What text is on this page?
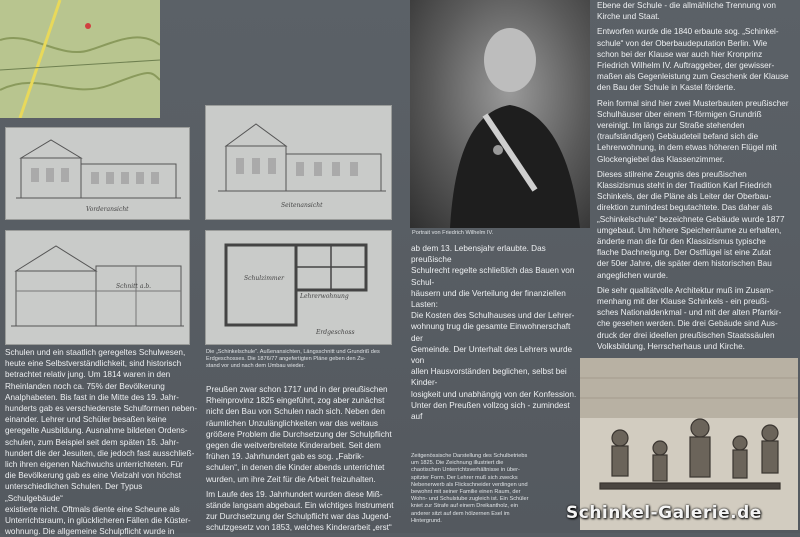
Vorderansicht
Seitenansicht
Schnitt a.b.
Schulzimmer
Lehrerwohnung
Erdgeschoss
Die „Schinkelschule“. Außenansichten, Längsschnitt und Grundriß des
Erdgeschosses. Die 1876/77 angefertigten Pläne geben den Zu-
stand vor und nach dem Umbau wieder.
Schulen und ein staatlich geregeltes Schulwesen,
heute eine Selbstverständlichkeit, sind historisch
betrachtet relativ jung. Um 1814 waren in den
Rheinlanden noch ca. 75% der Bevölkerung
Analphabeten. Bis fast in die Mitte des 19. Jahr-
hunderts gab es verschiedenste Schulformen neben-
einander. Lehrer und Schüler besaßen keine
geregelte Ausbildung. Ausnahme bildeten Ordens-
schulen, zum Beispiel seit dem späten 16. Jahr-
hundert die der Jesuiten, die jedoch fast ausschließ-
lich ihren eigenen Nachwuchs unterrichteten. Für
die Bevölkerung gab es eine Vielzahl von höchst
unterschiedlichen Schulen. Der Typus „Schulgebäude“
existierte nicht. Oftmals diente eine Scheune als
Unterrichtsraum, in glücklicheren Fällen die Küster-
wohnung. Die allgemeine Schulpflicht wurde in
Preußen zwar schon 1717 und in der preußischen
Rheinprovinz 1825 eingeführt, zog aber zunächst
nicht den Bau von Schulen nach sich. Neben den
räumlichen Unzulänglichkeiten war das weitaus
größere Problem die Durchsetzung der Schulpflicht
gegen die weitverbreitete Kinderarbeit. Seit dem
frühen 19. Jahrhundert gab es sog. „Fabrik-
schulen“, in denen die Kinder abends unterrichtet
wurden, um ihre Zeit für die Arbeit freizuhalten.
Im Laufe des 19. Jahrhundert wurden diese Miß-
stände langsam abgebaut. Ein wichtiges Instrument
zur Durchsetzung der Schulpflicht war das Jugend-
schutzgesetz von 1853, welches Kinderarbeit „erst“
Portrait von Friedrich Wilhelm IV.
ab dem 13. Lebensjahr erlaubte. Das preußische
Schulrecht regelte schließlich das Bauen von Schul-
häusern und die Verteilung der finanziellen Lasten:
Die Kosten des Schulhauses und der Lehrer-
wohnung trug die gesamte Einwohnerschaft der
Gemeinde. Der Unterhalt des Lehrers wurde von
allen Hausvorständen beglichen, selbst bei Kinder-
losigkeit und unabhängig von der Konfession.
Unter den Preußen vollzog sich - zumindest auf
Zeitgenössische Darstellung des Schulbetriebs
um 1825. Die Zeichnung illustriert die
chaotischen Unterrichtsverhältnisse in über-
spitzter Form. Der Lehrer muß sich zwecks
Nebenerwerb als Flickschneider verdingen und
bewohnt mit seiner Familie einen Raum, der
Wohn- und Schulstube zugleich ist. Ein Schüler
kniet zur Strafe auf einem Dreikantholz, ein
anderer sitzt auf dem hölzernen Esel im
Hintergrund.
Ebene der Schule - die allmähliche Trennung von
Kirche und Staat.
Entworfen wurde die 1840 erbaute sog. „Schinkel-
schule“ von der Oberbaudeputation Berlin. Wie
schon bei der Klause war auch hier Kronprinz
Friedrich Wilhelm IV. Auftraggeber, der gewisser-
maßen als Gegenleistung zum Geschenk der Klause
den Bau der Schule in Kastel förderte.
Rein formal sind hier zwei Musterbauten preußischer
Schulhäuser über einem T-förmigen Grundriß
vereinigt. Im längs zur Straße stehenden
(traufständigen) Gebäudeteil befand sich die
Lehrerwohnung, in dem etwas höheren Flügel mit
Glockengiebel das Klassenzimmer.
Dieses stilreine Zeugnis des preußischen
Klassizismus steht in der Tradition Karl Friedrich
Schinkels, der die Pläne als Leiter der Oberbau-
direktion zumindest begutachtete. Das daher als
„Schinkelschule“ bezeichnete Gebäude wurde 1877
umgebaut. Um höhere Speicherräume zu erhalten,
änderte man die für den Klassizismus typische
flache Dachneigung. Der Ostflügel ist eine Zutat
der 50er Jahre, die später dem historischen Bau
angeglichen wurde.
Die sehr qualitätvolle Architektur muß im Zusam-
menhang mit der Klause Schinkels - ein preußi-
sches Nationaldenkmal - und mit der alten Pfarrkir-
che gesehen werden. Die drei Gebäude sind Aus-
druck der drei ideellen preußischen Staatssäulen
Volksbildung, Herrscherhaus und Kirche.
Schinkel-Galerie.de
